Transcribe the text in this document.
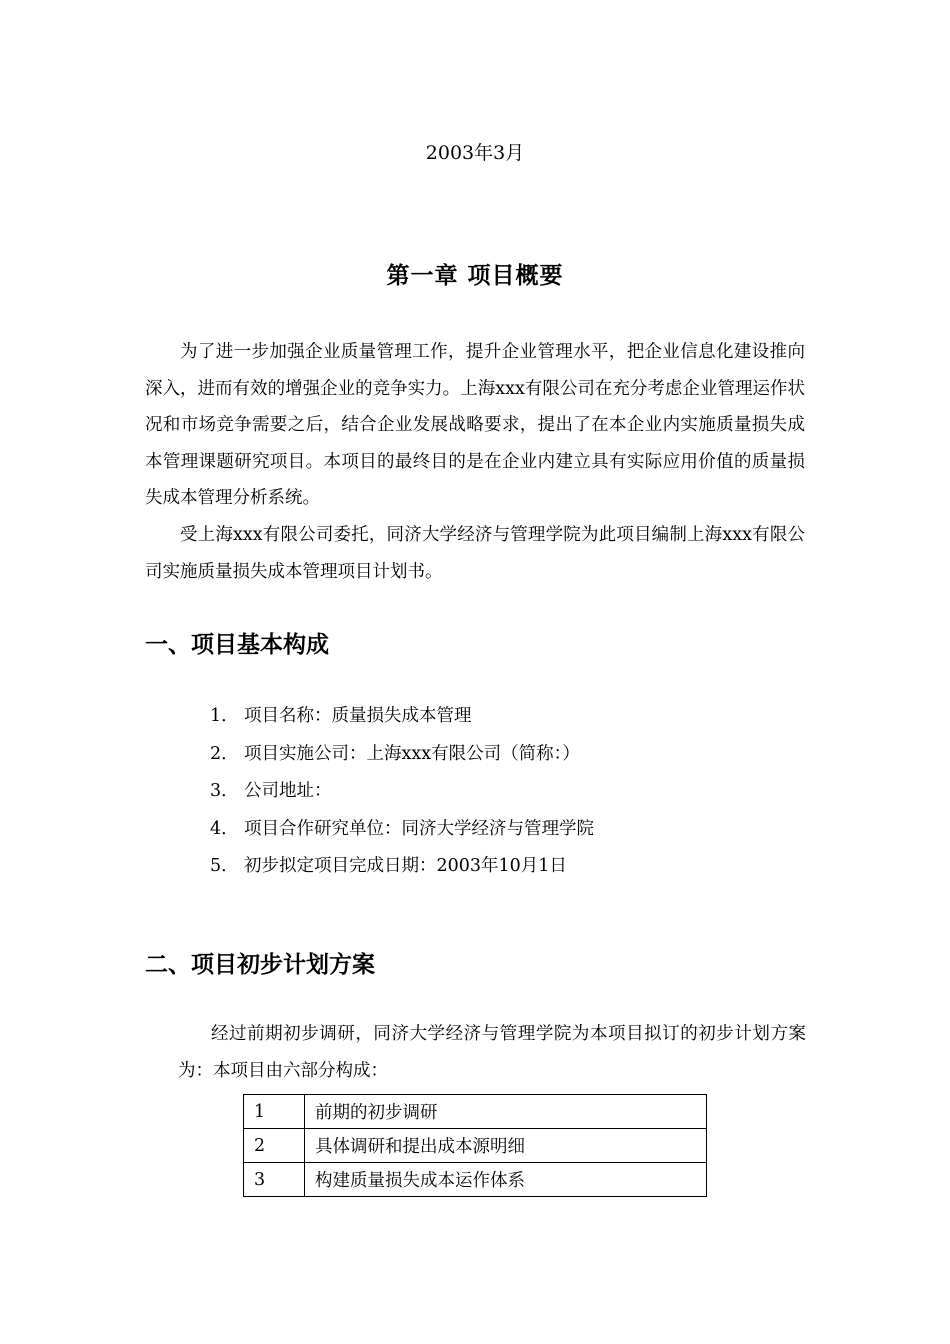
2003年3月
第一章 项目概要

为了进一步加强企业质量管理工作，提升企业管理水平，把企业信息化建设推向深入，进而有效的增强企业的竞争实力。上海xxx有限公司在充分考虑企业管理运作状况和市场竞争需要之后，结合企业发展战略要求，提出了在本企业内实施质量损失成本管理课题研究项目。本项目的最终目的是在企业内建立具有实际应用价值的质量损失成本管理分析系统。

受上海xxx有限公司委托，同济大学经济与管理学院为此项目编制上海xxx有限公司实施质量损失成本管理项目计划书。

一、项目基本构成
1． 项目名称：质量损失成本管理
2． 项目实施公司：上海xxx有限公司（简称：）
3． 公司地址：
4． 项目合作研究单位：同济大学经济与管理学院
5． 初步拟定项目完成日期：2003年10月1日
二、项目初步计划方案

经过前期初步调研，同济大学经济与管理学院为本项目拟订的初步计划方案为：本项目由六部分构成：

1	前期的初步调研
2	具体调研和提出成本源明细
3	构建质量损失成本运作体系
